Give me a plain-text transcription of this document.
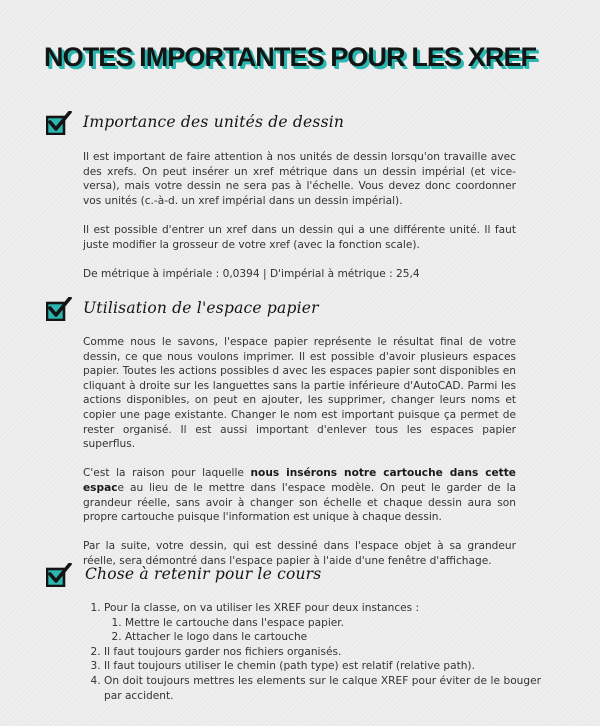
NOTES IMPORTANTES POUR LES XREF
Importance des unités de dessin

Il est important de faire attention à nos unités de dessin lorsqu'on travaille avec des xrefs. On peut insérer un xref métrique dans un dessin impérial (et vice-versa), mais votre dessin ne sera pas à l'échelle. Vous devez donc coordonner vos unités (c.-à-d. un xref impérial dans un dessin impérial).

Il est possible d'entrer un xref dans un dessin qui a une différente unité. Il faut juste modifier la grosseur de votre xref (avec la fonction scale).

De métrique à impériale : 0,0394 | D'impérial à métrique : 25,4

Utilisation de l'espace papier

Comme nous le savons, l'espace papier représente le résultat final de votre dessin, ce que nous voulons imprimer. Il est possible d'avoir plusieurs espaces papier. Toutes les actions possibles d avec les espaces papier sont disponibles en cliquant à droite sur les languettes sans la partie inférieure d'AutoCAD. Parmi les actions disponibles, on peut en ajouter, les supprimer, changer leurs noms et copier une page existante. Changer le nom est important puisque ça permet de rester organisé. Il est aussi important d'enlever tous les espaces papier superflus.

C'est la raison pour laquelle nous insérons notre cartouche dans cette espace au lieu de le mettre dans l'espace modèle. On peut le garder de la grandeur réelle, sans avoir à changer son échelle et chaque dessin aura son propre cartouche puisque l'information est unique à chaque dessin.

Par la suite, votre dessin, qui est dessiné dans l'espace objet à sa grandeur réelle, sera démontré dans l'espace papier à l'aide d'une fenêtre d'affichage.

Chose à retenir pour le cours
1. Pour la classe, on va utiliser les XREF pour deux instances :
1. Mettre le cartouche dans l'espace papier.
2. Attacher le logo dans le cartouche
2. Il faut toujours garder nos fichiers organisés.
3. Il faut toujours utiliser le chemin (path type) est relatif (relative path).
4. On doit toujours mettres les elements sur le calque XREF pour éviter de le bouger par accident.
